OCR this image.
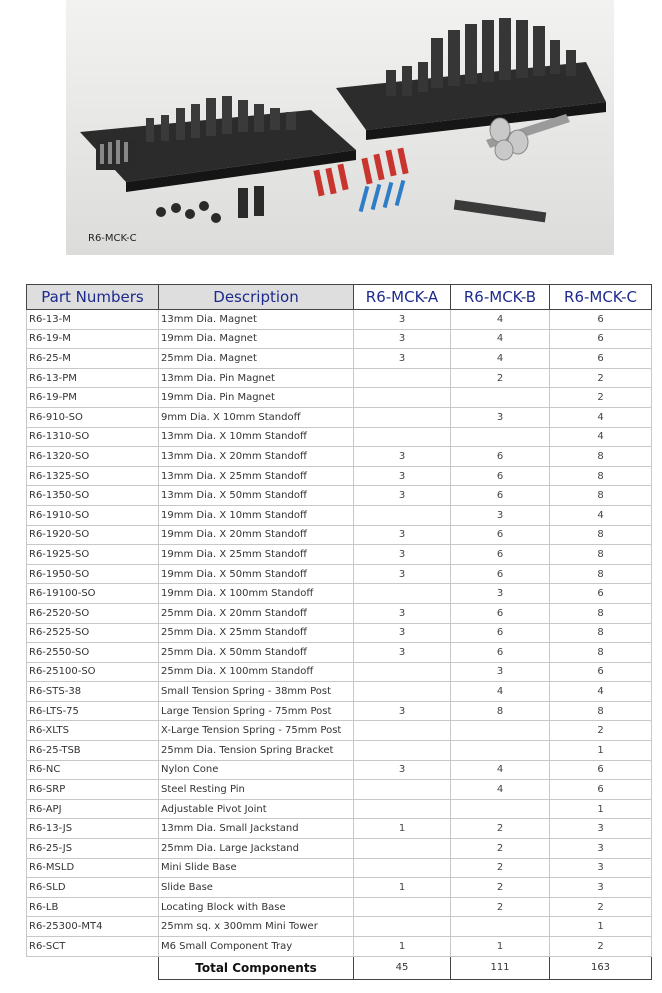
R6-MCK-C
Part Numbers	Description	R6-MCK-A	R6-MCK-B	R6-MCK-C
R6-13-M	13mm Dia. Magnet	3	4	6
R6-19-M	19mm Dia. Magnet	3	4	6
R6-25-M	25mm Dia. Magnet	3	4	6
R6-13-PM	13mm Dia. Pin Magnet		2	2
R6-19-PM	19mm Dia. Pin Magnet			2
R6-910-SO	9mm Dia. X 10mm Standoff		3	4
R6-1310-SO	13mm Dia. X 10mm Standoff			4
R6-1320-SO	13mm Dia. X 20mm Standoff	3	6	8
R6-1325-SO	13mm Dia. X 25mm Standoff	3	6	8
R6-1350-SO	13mm Dia. X 50mm Standoff	3	6	8
R6-1910-SO	19mm Dia. X 10mm Standoff		3	4
R6-1920-SO	19mm Dia. X 20mm Standoff	3	6	8
R6-1925-SO	19mm Dia. X 25mm Standoff	3	6	8
R6-1950-SO	19mm Dia. X 50mm Standoff	3	6	8
R6-19100-SO	19mm Dia. X 100mm Standoff		3	6
R6-2520-SO	25mm Dia. X 20mm Standoff	3	6	8
R6-2525-SO	25mm Dia. X 25mm Standoff	3	6	8
R6-2550-SO	25mm Dia. X 50mm Standoff	3	6	8
R6-25100-SO	25mm Dia. X 100mm Standoff		3	6
R6-STS-38	Small Tension Spring - 38mm Post		4	4
R6-LTS-75	Large Tension Spring - 75mm Post	3	8	8
R6-XLTS	X-Large Tension Spring - 75mm Post			2
R6-25-TSB	25mm Dia. Tension Spring Bracket			1
R6-NC	Nylon Cone	3	4	6
R6-SRP	Steel Resting Pin		4	6
R6-APJ	Adjustable Pivot Joint			1
R6-13-JS	13mm Dia. Small Jackstand	1	2	3
R6-25-JS	25mm Dia. Large Jackstand		2	3
R6-MSLD	Mini Slide Base		2	3
R6-SLD	Slide Base	1	2	3
R6-LB	Locating Block with Base		2	2
R6-25300-MT4	25mm sq. x 300mm Mini Tower			1
R6-SCT	M6 Small Component Tray	1	1	2
	Total Components	45	111	163
